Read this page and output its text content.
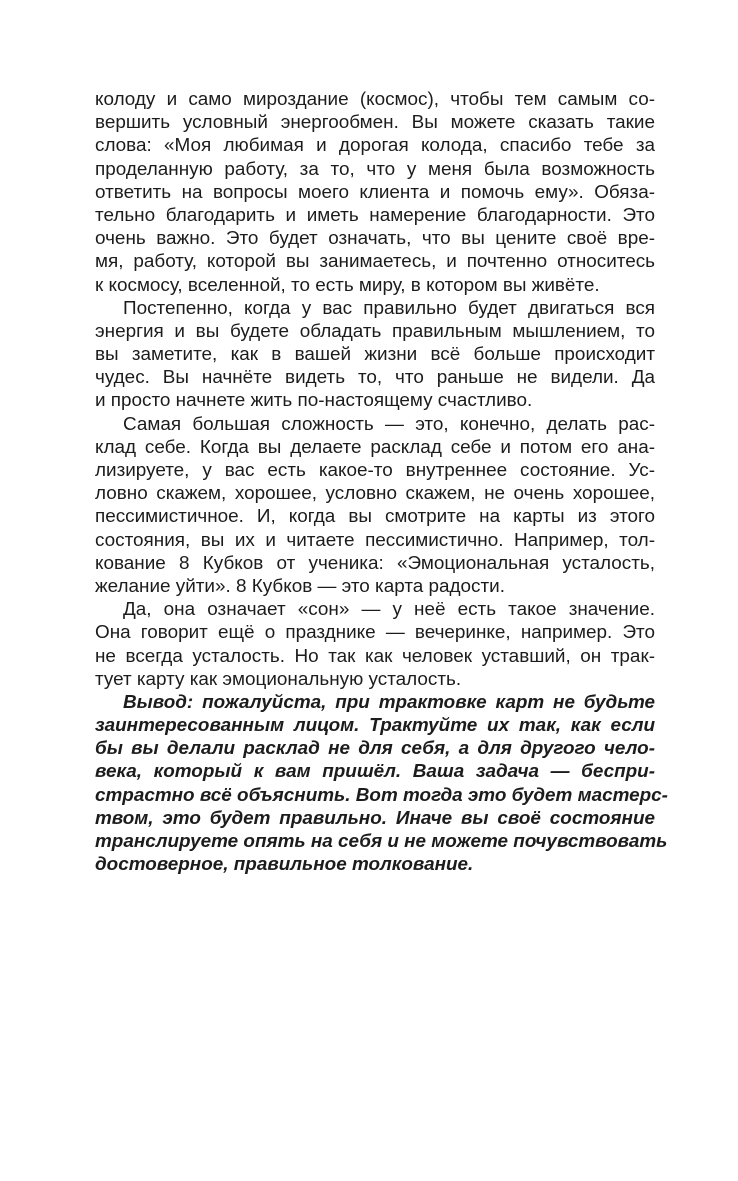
колоду и само мироздание (космос), чтобы тем самым со-
вершить условный энергообмен. Вы можете сказать такие
слова: «Моя любимая и дорогая колода, спасибо тебе за
проделанную работу, за то, что у меня была возможность
ответить на вопросы моего клиента и помочь ему». Обяза-
тельно благодарить и иметь намерение благодарности. Это
очень важно. Это будет означать, что вы цените своё вре-
мя, работу, которой вы занимаетесь, и почтенно относитесь
к космосу, вселенной, то есть миру, в котором вы живёте.
Постепенно, когда у вас правильно будет двигаться вся
энергия и вы будете обладать правильным мышлением, то
вы заметите, как в вашей жизни всё больше происходит
чудес. Вы начнёте видеть то, что раньше не видели. Да
и просто начнете жить по-настоящему счастливо.
Самая большая сложность — это, конечно, делать рас-
клад себе. Когда вы делаете расклад себе и потом его ана-
лизируете, у вас есть какое-то внутреннее состояние. Ус-
ловно скажем, хорошее, условно скажем, не очень хорошее,
пессимистичное. И, когда вы смотрите на карты из этого
состояния, вы их и читаете пессимистично. Например, тол-
кование 8 Кубков от ученика: «Эмоциональная усталость,
желание уйти». 8 Кубков — это карта радости.
Да, она означает «сон» — у неё есть такое значение.
Она говорит ещё о празднике — вечеринке, например. Это
не всегда усталость. Но так как человек уставший, он трак-
тует карту как эмоциональную усталость.
Вывод: пожалуйста, при трактовке карт не будьте
заинтересованным лицом. Трактуйте их так, как если
бы вы делали расклад не для себя, а для другого чело-
века, который к вам пришёл. Ваша задача — беспри-
страстно всё объяснить. Вот тогда это будет мастерс-
твом, это будет правильно. Иначе вы своё состояние
транслируете опять на себя и не можете почувствовать
достоверное, правильное толкование.
